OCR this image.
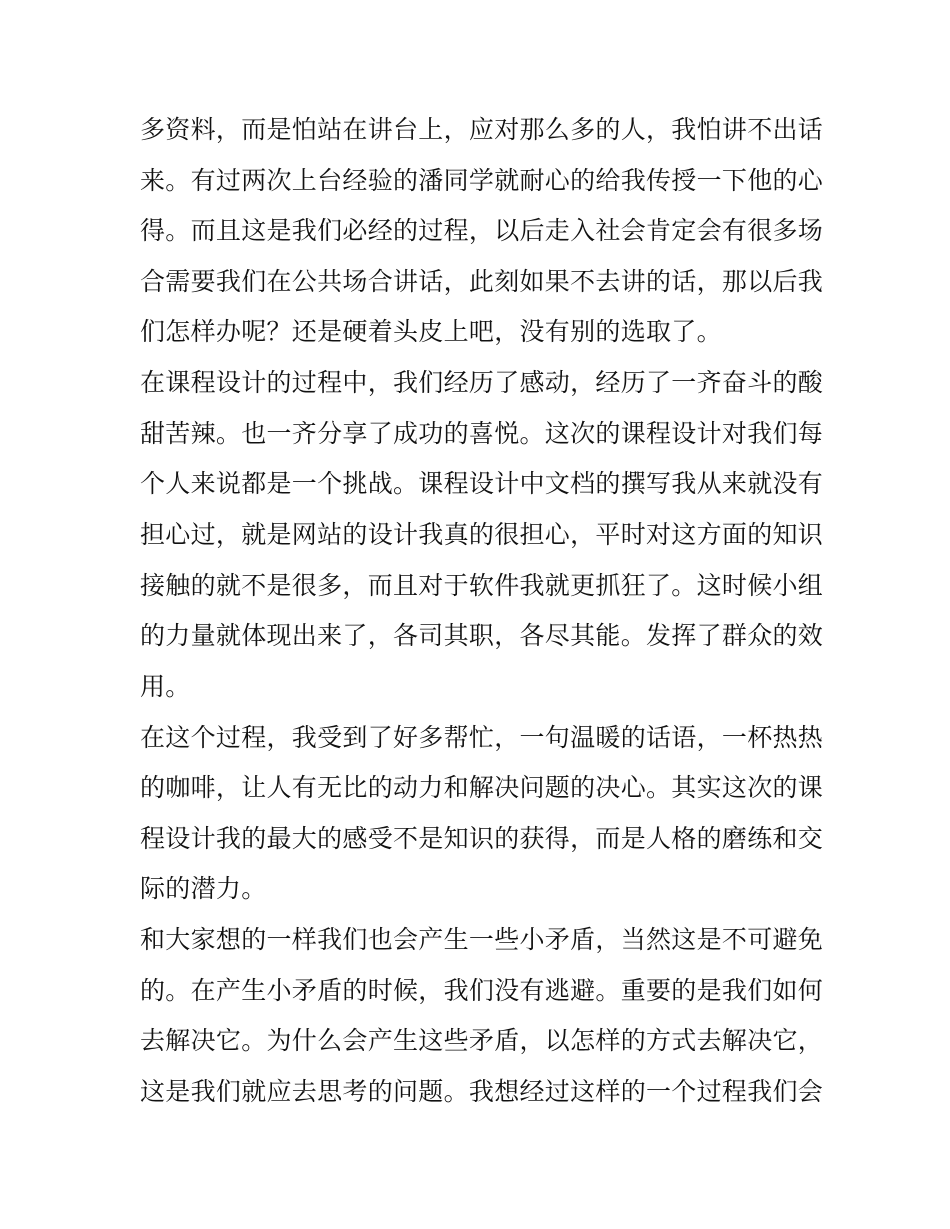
多资料，而是怕站在讲台上，应对那么多的人，我怕讲不出话
来。有过两次上台经验的潘同学就耐心的给我传授一下他的心
得。而且这是我们必经的过程，以后走入社会肯定会有很多场
合需要我们在公共场合讲话，此刻如果不去讲的话，那以后我
们怎样办呢？还是硬着头皮上吧，没有别的选取了。
在课程设计的过程中，我们经历了感动，经历了一齐奋斗的酸
甜苦辣。也一齐分享了成功的喜悦。这次的课程设计对我们每
个人来说都是一个挑战。课程设计中文档的撰写我从来就没有
担心过，就是网站的设计我真的很担心，平时对这方面的知识
接触的就不是很多，而且对于软件我就更抓狂了。这时候小组
的力量就体现出来了，各司其职，各尽其能。发挥了群众的效
用。
在这个过程，我受到了好多帮忙，一句温暖的话语，一杯热热
的咖啡，让人有无比的动力和解决问题的决心。其实这次的课
程设计我的最大的感受不是知识的获得，而是人格的磨练和交
际的潜力。
和大家想的一样我们也会产生一些小矛盾，当然这是不可避免
的。在产生小矛盾的时候，我们没有逃避。重要的是我们如何
去解决它。为什么会产生这些矛盾，以怎样的方式去解决它，
这是我们就应去思考的问题。我想经过这样的一个过程我们会
